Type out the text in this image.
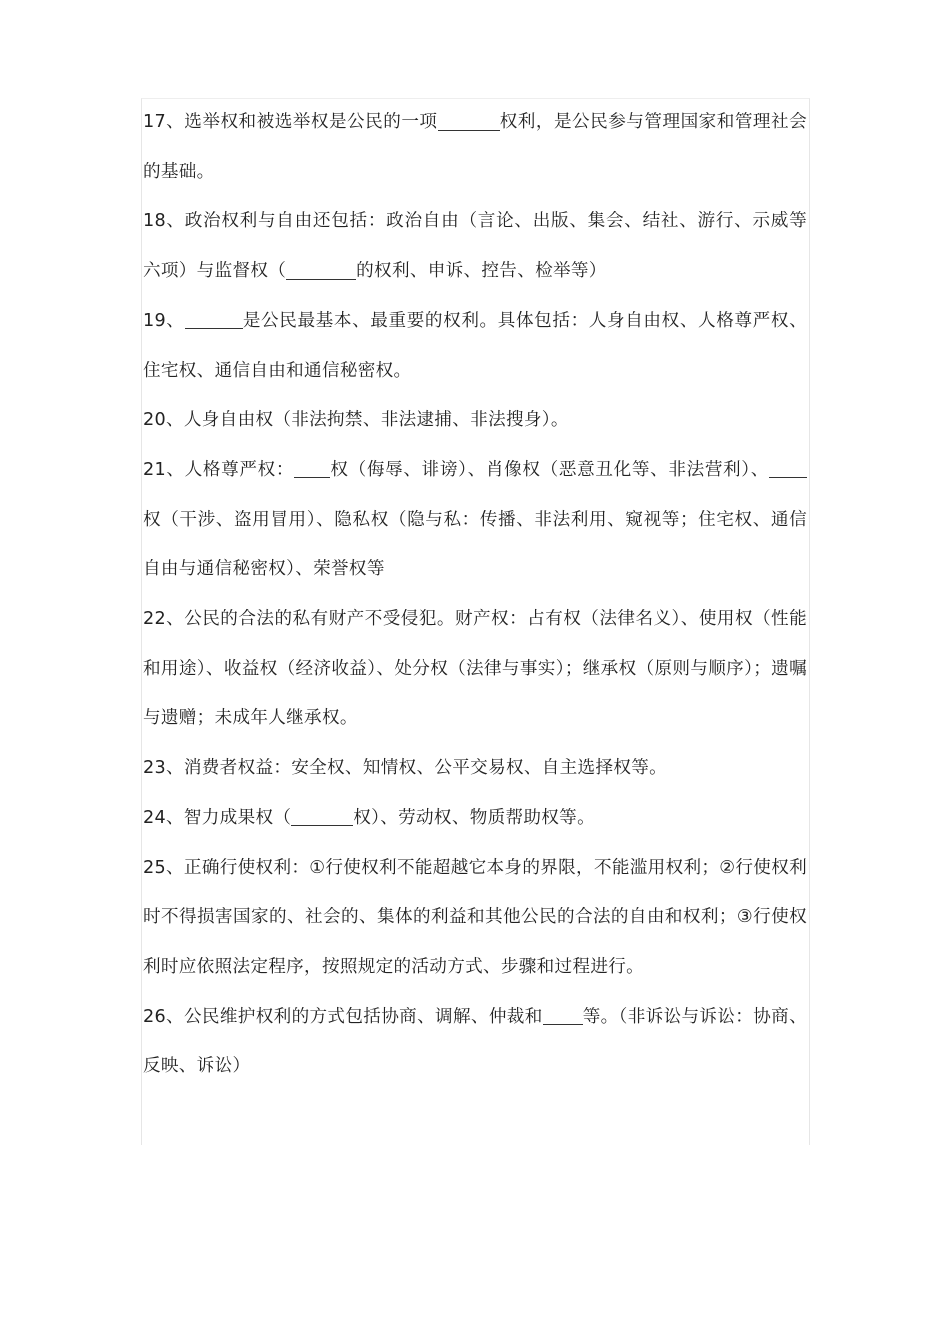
17、选举权和被选举权是公民的一项	权利，是公民参与管理国家和管理社会的基础。

18、政治权利与自由还包括：政治自由（言论、出版、集会、结社、游行、示威等六项）与监督权（	的权利、申诉、控告、检举等）

19、	是公民最基本、最重要的权利。具体包括：人身自由权、人格尊严权、住宅权、通信自由和通信秘密权。

20、人身自由权（非法拘禁、非法逮捕、非法搜身）。

21、人格尊严权： 权（侮辱、诽谤）、肖像权（恶意丑化等、非法营利）、权（干涉、盗用冒用）、隐私权（隐与私：传播、非法利用、窥视等；住宅权、通信自由与通信秘密权）、荣誉权等

22、公民的合法的私有财产不受侵犯。财产权：占有权（法律名义）、使用权（性能和用途）、收益权（经济收益）、处分权（法律与事实）；继承权（原则与顺序）；遗嘱与遗赠；未成年人继承权。

23、消费者权益：安全权、知情权、公平交易权、自主选择权等。

24、智力成果权（	权）、劳动权、物质帮助权等。

25、正确行使权利：①行使权利不能超越它本身的界限，不能滥用权利；②行使权利时不得损害国家的、社会的、集体的利益和其他公民的合法的自由和权利；③行使权利时应依照法定程序，按照规定的活动方式、步骤和过程进行。

26、公民维护权利的方式包括协商、调解、仲裁和 等。（非诉讼与诉讼：协商、反映、诉讼）
